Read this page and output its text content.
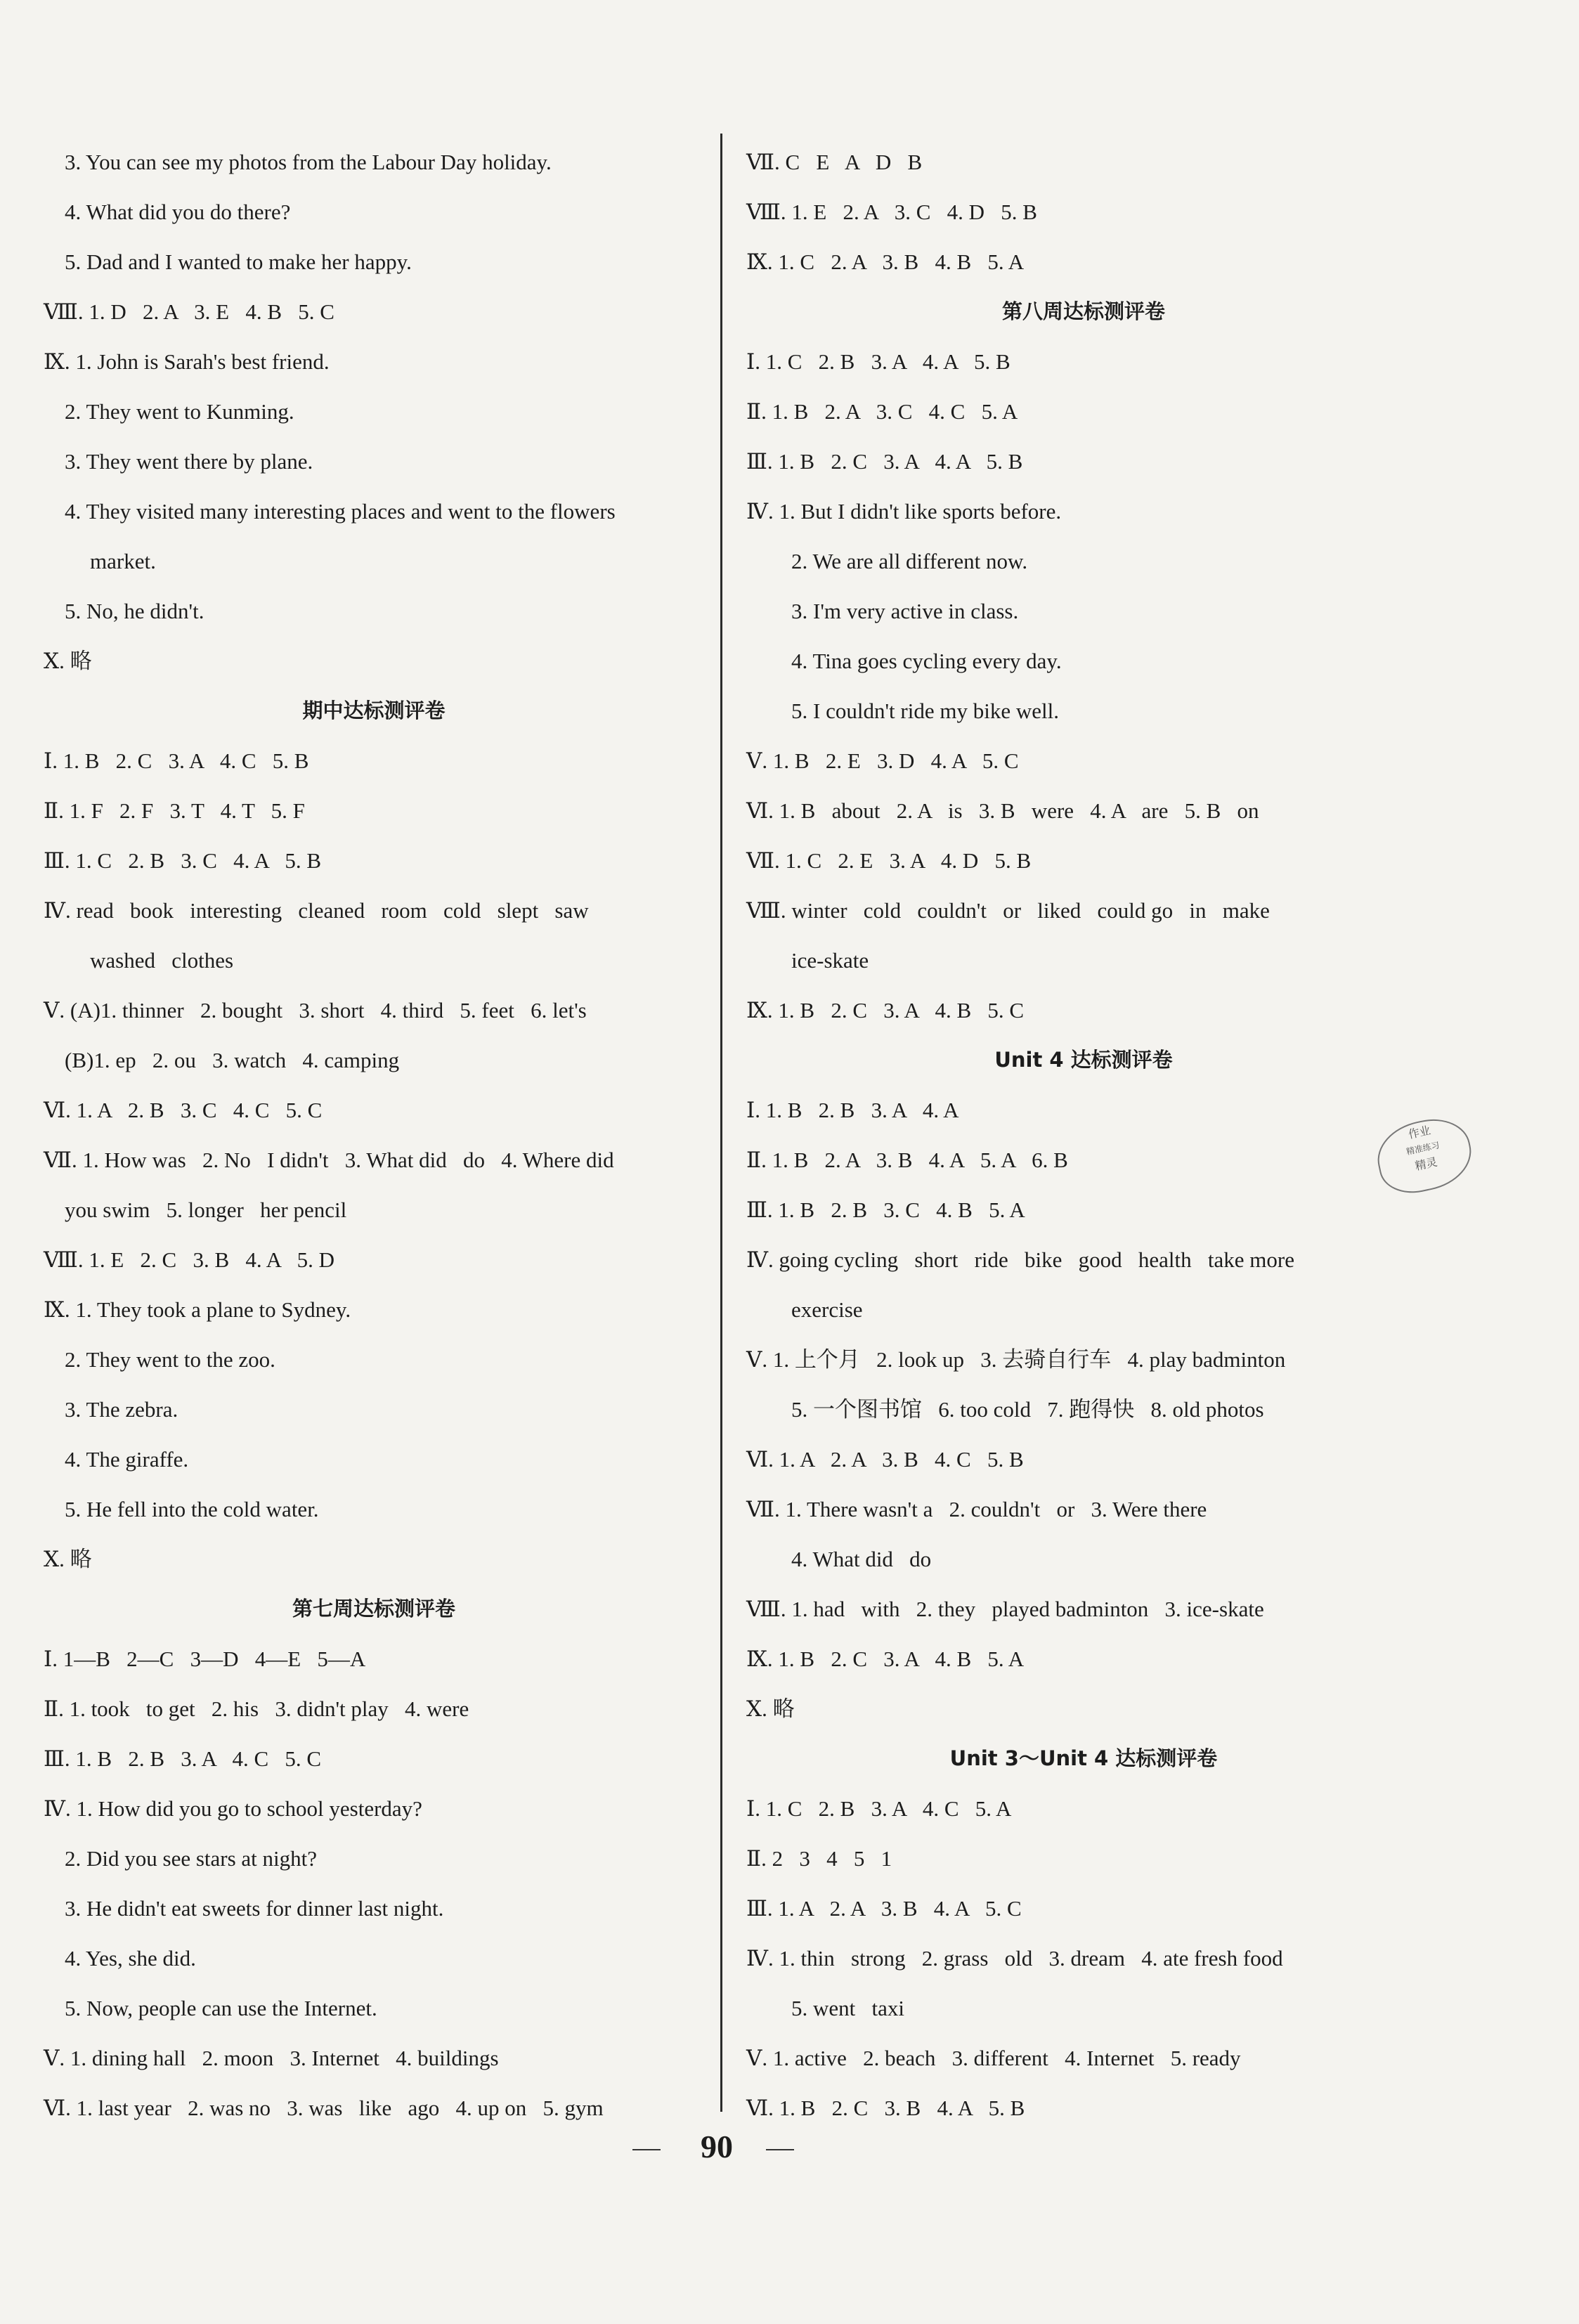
3. You can see my photos from the Labour Day holiday.
4. What did you do there?
5. Dad and I wanted to make her happy.
Ⅷ. 1. D   2. A   3. E   4. B   5. C
Ⅸ. 1. John is Sarah's best friend.
2. They went to Kunming.
3. They went there by plane.
4. They visited many interesting places and went to the flowers
market.
5. No, he didn't.
Ⅹ. 略
期中达标测评卷
Ⅰ. 1. B   2. C   3. A   4. C   5. B
Ⅱ. 1. F   2. F   3. T   4. T   5. F
Ⅲ. 1. C   2. B   3. C   4. A   5. B
Ⅳ. read   book   interesting   cleaned   room   cold   slept   saw
washed   clothes
Ⅴ. (A)1. thinner   2. bought   3. short   4. third   5. feet   6. let's
(B)1. ep   2. ou   3. watch   4. camping
Ⅵ. 1. A   2. B   3. C   4. C   5. C
Ⅶ. 1. How was   2. No   I didn't   3. What did   do   4. Where did
you swim   5. longer   her pencil
Ⅷ. 1. E   2. C   3. B   4. A   5. D
Ⅸ. 1. They took a plane to Sydney.
2. They went to the zoo.
3. The zebra.
4. The giraffe.
5. He fell into the cold water.
Ⅹ. 略
第七周达标测评卷
Ⅰ. 1—B   2—C   3—D   4—E   5—A
Ⅱ. 1. took   to get   2. his   3. didn't play   4. were
Ⅲ. 1. B   2. B   3. A   4. C   5. C
Ⅳ. 1. How did you go to school yesterday?
2. Did you see stars at night?
3. He didn't eat sweets for dinner last night.
4. Yes, she did.
5. Now, people can use the Internet.
Ⅴ. 1. dining hall   2. moon   3. Internet   4. buildings
Ⅵ. 1. last year   2. was no   3. was   like   ago   4. up on   5. gym
Ⅶ. C   E   A   D   B
Ⅷ. 1. E   2. A   3. C   4. D   5. B
Ⅸ. 1. C   2. A   3. B   4. B   5. A
第八周达标测评卷
Ⅰ. 1. C   2. B   3. A   4. A   5. B
Ⅱ. 1. B   2. A   3. C   4. C   5. A
Ⅲ. 1. B   2. C   3. A   4. A   5. B
Ⅳ. 1. But I didn't like sports before.
2. We are all different now.
3. I'm very active in class.
4. Tina goes cycling every day.
5. I couldn't ride my bike well.
Ⅴ. 1. B   2. E   3. D   4. A   5. C
Ⅵ. 1. B   about   2. A   is   3. B   were   4. A   are   5. B   on
Ⅶ. 1. C   2. E   3. A   4. D   5. B
Ⅷ. winter   cold   couldn't   or   liked   could go   in   make
ice-skate
Ⅸ. 1. B   2. C   3. A   4. B   5. C
Unit 4 达标测评卷
Ⅰ. 1. B   2. B   3. A   4. A
Ⅱ. 1. B   2. A   3. B   4. A   5. A   6. B
Ⅲ. 1. B   2. B   3. C   4. B   5. A
Ⅳ. going cycling   short   ride   bike   good   health   take more
exercise
Ⅴ. 1. 上个月   2. look up   3. 去骑自行车   4. play badminton
5. 一个图书馆   6. too cold   7. 跑得快   8. old photos
Ⅵ. 1. A   2. A   3. B   4. C   5. B
Ⅶ. 1. There wasn't a   2. couldn't   or   3. Were there
4. What did   do
Ⅷ. 1. had   with   2. they   played badminton   3. ice-skate
Ⅸ. 1. B   2. C   3. A   4. B   5. A
Ⅹ. 略
Unit 3～Unit 4 达标测评卷
Ⅰ. 1. C   2. B   3. A   4. C   5. A
Ⅱ. 2   3   4   5   1
Ⅲ. 1. A   2. A   3. B   4. A   5. C
Ⅳ. 1. thin   strong   2. grass   old   3. dream   4. ate fresh food
5. went   taxi
Ⅴ. 1. active   2. beach   3. different   4. Internet   5. ready
Ⅵ. 1. B   2. C   3. B   4. A   5. B
作业
精准练习
精灵
90
